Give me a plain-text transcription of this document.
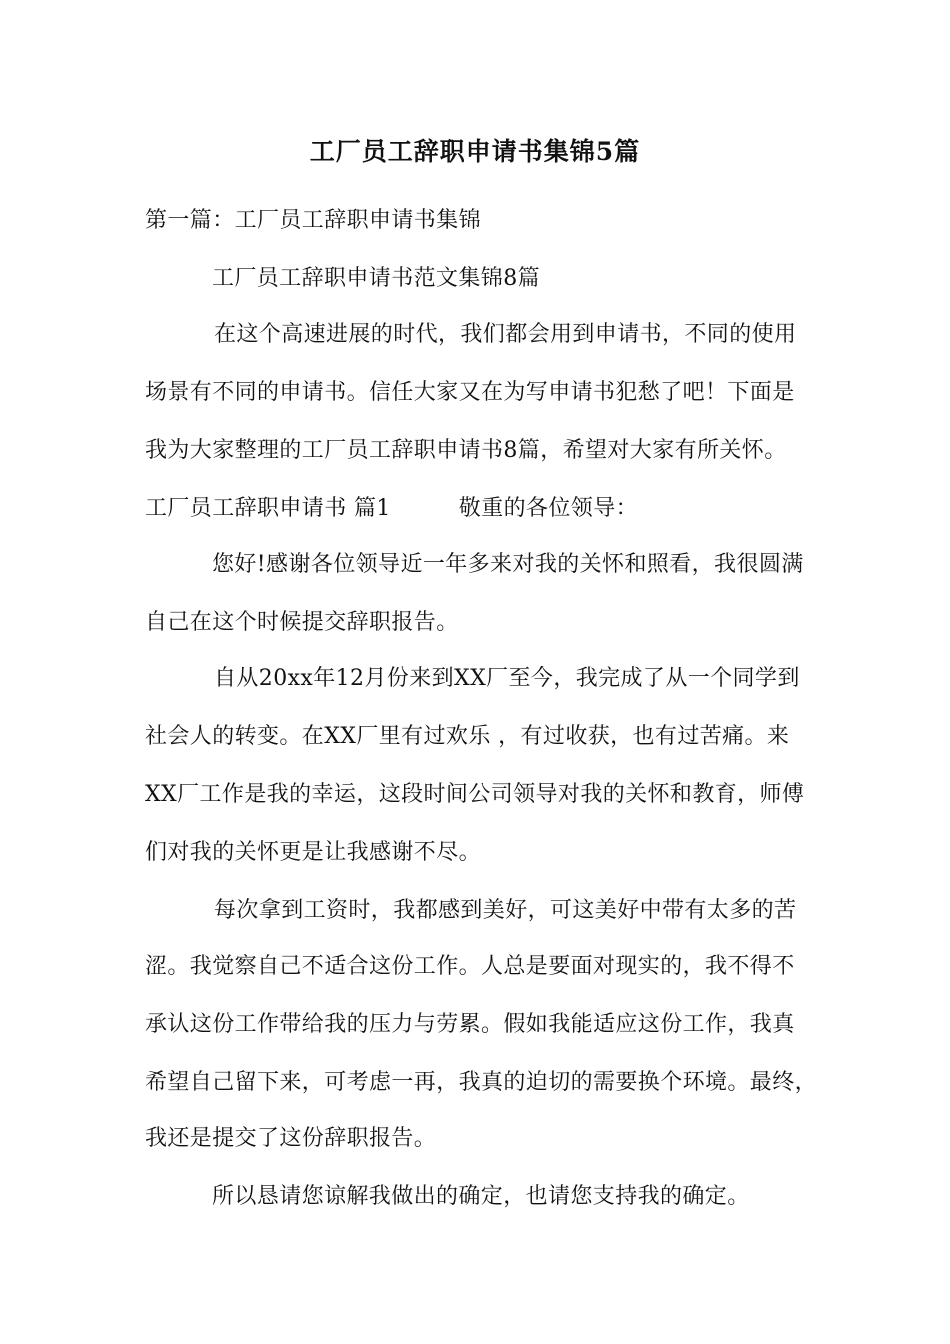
工厂员工辞职申请书集锦5篇
第一篇：工厂员工辞职申请书集锦
工厂员工辞职申请书范文集锦8篇
在这个高速进展的时代，我们都会用到申请书，不同的使用
场景有不同的申请书。信任大家又在为写申请书犯愁了吧！下面是
我为大家整理的工厂员工辞职申请书8篇，希望对大家有所关怀。
工厂员工辞职申请书 篇1	敬重的各位领导：
您好!感谢各位领导近一年多来对我的关怀和照看，我很圆满
自己在这个时候提交辞职报告。
自从20xx年12月份来到XX厂至今，我完成了从一个同学到
社会人的转变。在XX厂里有过欢乐 ，有过收获，也有过苦痛。来
XX厂工作是我的幸运，这段时间公司领导对我的关怀和教育，师傅
们对我的关怀更是让我感谢不尽。
每次拿到工资时，我都感到美好，可这美好中带有太多的苦
涩。我觉察自己不适合这份工作。人总是要面对现实的，我不得不
承认这份工作带给我的压力与劳累。假如我能适应这份工作，我真
希望自己留下来，可考虑一再，我真的迫切的需要换个环境。最终，
我还是提交了这份辞职报告。
所以恳请您谅解我做出的确定，也请您支持我的确定。
